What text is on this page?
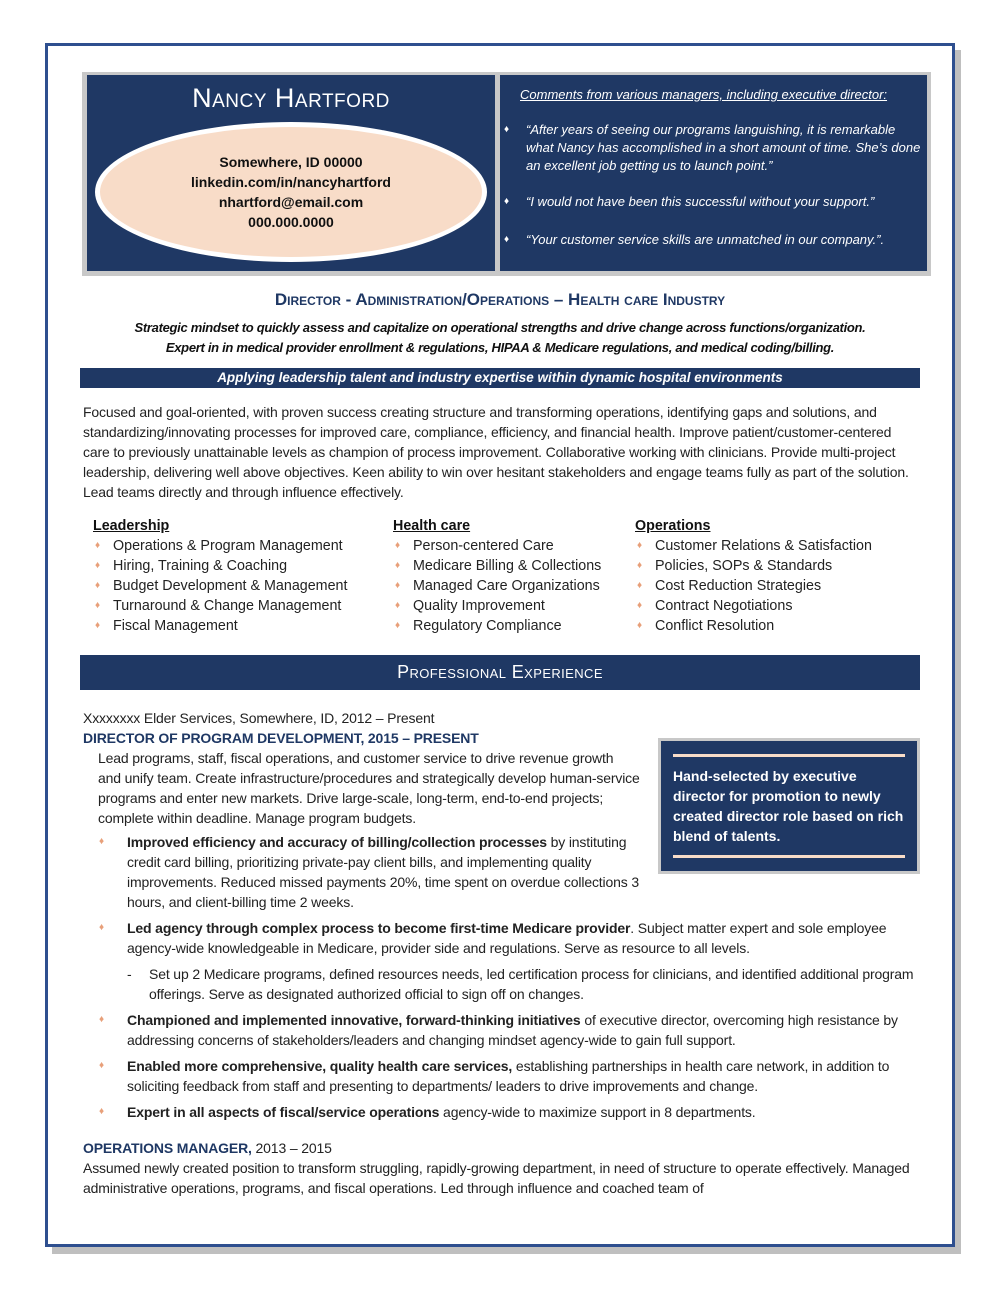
Nancy Hartford
Somewhere, ID 00000
linkedin.com/in/nancyhartford
nhartford@email.com
000.000.0000
Comments from various managers, including executive director:
♦ “After years of seeing our programs languishing, it is remarkable what Nancy has accomplished in a short amount of time. She’s done an excellent job getting us to launch point.”
♦ “I would not have been this successful without your support.”
♦ “Your customer service skills are unmatched in our company.”.
Director - Administration/Operations – Health care Industry
Strategic mindset to quickly assess and capitalize on operational strengths and drive change across functions/organization.
Expert in in medical provider enrollment & regulations, HIPAA & Medicare regulations, and medical coding/billing.
Applying leadership talent and industry expertise within dynamic hospital environments
Focused and goal-oriented, with proven success creating structure and transforming operations, identifying gaps and solutions, and standardizing/innovating processes for improved care, compliance, efficiency, and financial health. Improve patient/customer-centered care to previously unattainable levels as champion of process improvement. Collaborative working with clinicians. Provide multi-project leadership, delivering well above objectives. Keen ability to win over hesitant stakeholders and engage teams fully as part of the solution. Lead teams directly and through influence effectively.
Leadership
♦ Operations & Program Management
♦ Hiring, Training & Coaching
♦ Budget Development & Management
♦ Turnaround & Change Management
♦ Fiscal Management
Health care
♦ Person-centered Care
♦ Medicare Billing & Collections
♦ Managed Care Organizations
♦ Quality Improvement
♦ Regulatory Compliance
Operations
♦ Customer Relations & Satisfaction
♦ Policies, SOPs & Standards
♦ Cost Reduction Strategies
♦ Contract Negotiations
♦ Conflict Resolution
Professional Experience
Xxxxxxxx Elder Services, Somewhere, ID, 2012 – Present
Hand-selected by executive director for promotion to newly created director role based on rich blend of talents.
DIRECTOR OF PROGRAM DEVELOPMENT, 2015 – PRESENT
Lead programs, staff, fiscal operations, and customer service to drive revenue growth and unify team. Create infrastructure/procedures and strategically develop human-service programs and enter new markets. Drive large-scale, long-term, end-to-end projects; complete within deadline. Manage program budgets.
♦ Improved efficiency and accuracy of billing/collection processes by instituting credit card billing, prioritizing private-pay client bills, and implementing quality improvements. Reduced missed payments 20%, time spent on overdue collections 3 hours, and client-billing time 2 weeks.
♦ Led agency through complex process to become first-time Medicare provider. Subject matter expert and sole employee agency-wide knowledgeable in Medicare, provider side and regulations. Serve as resource to all levels.
- Set up 2 Medicare programs, defined resources needs, led certification process for clinicians, and identified additional program offerings. Serve as designated authorized official to sign off on changes.
♦ Championed and implemented innovative, forward-thinking initiatives of executive director, overcoming high resistance by addressing concerns of stakeholders/leaders and changing mindset agency-wide to gain full support.
♦ Enabled more comprehensive, quality health care services, establishing partnerships in health care network, in addition to soliciting feedback from staff and presenting to departments/ leaders to drive improvements and change.
♦ Expert in all aspects of fiscal/service operations agency-wide to maximize support in 8 departments.
OPERATIONS MANAGER, 2013 – 2015
Assumed newly created position to transform struggling, rapidly-growing department, in need of structure to operate effectively. Managed administrative operations, programs, and fiscal operations. Led through influence and coached team of
